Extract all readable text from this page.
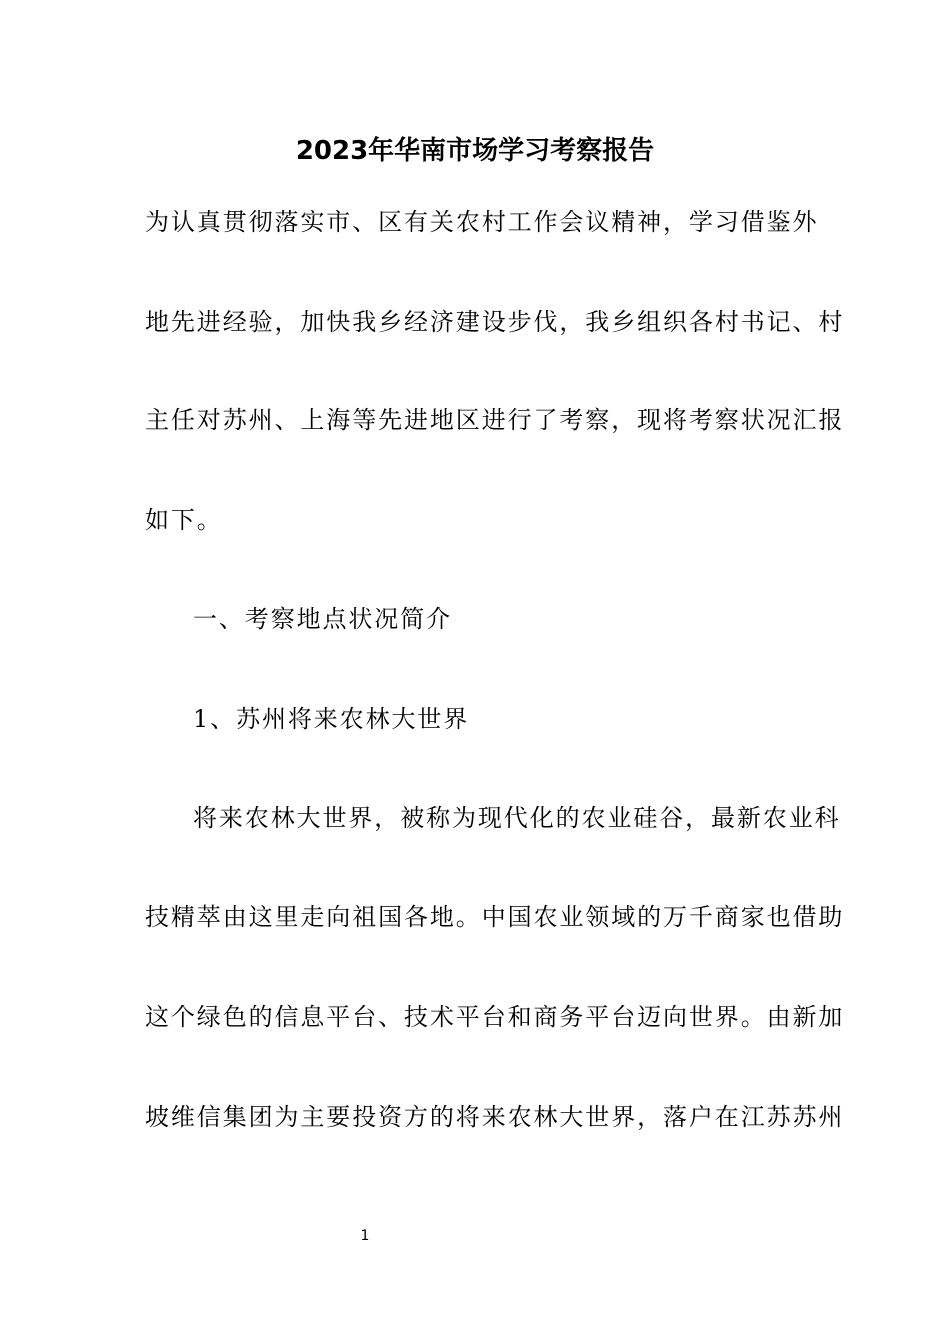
2023年华南市场学习考察报告
为认真贯彻落实市、区有关农村工作会议精神，学习借鉴外
地先进经验，加快我乡经济建设步伐，我乡组织各村书记、村
主任对苏州、上海等先进地区进行了考察，现将考察状况汇报
如下。
一、考察地点状况简介
1、苏州将来农林大世界
将来农林大世界，被称为现代化的农业硅谷，最新农业科
技精萃由这里走向祖国各地。中国农业领域的万千商家也借助
这个绿色的信息平台、技术平台和商务平台迈向世界。由新加
坡维信集团为主要投资方的将来农林大世界，落户在江苏苏州
1
